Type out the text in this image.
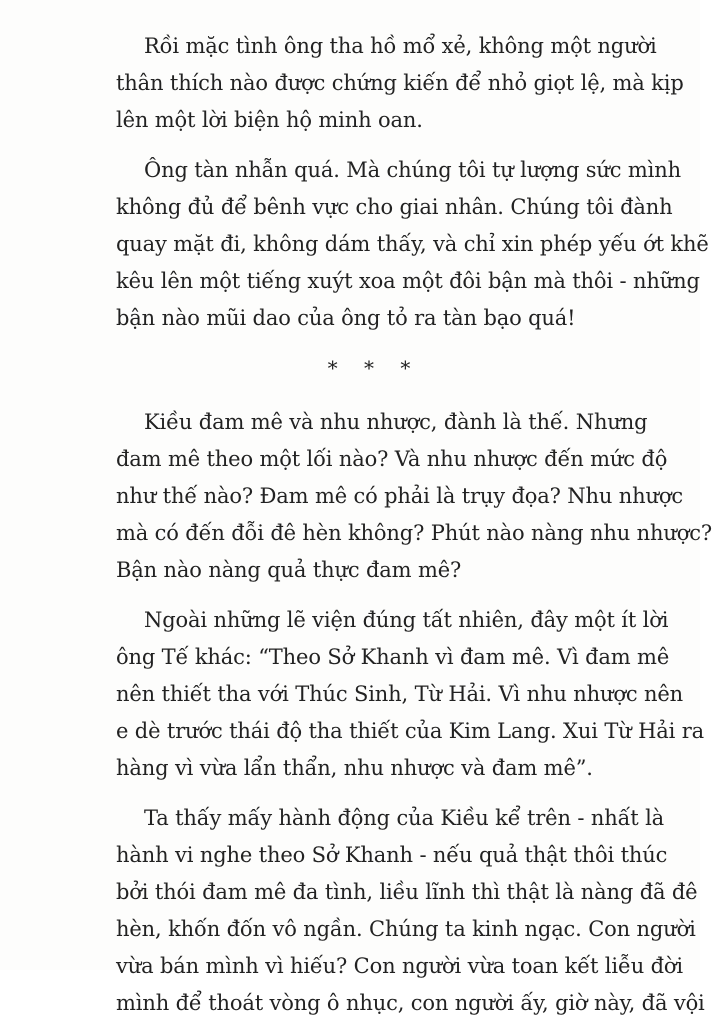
Rồi mặc tình ông tha hồ mổ xẻ, không một người
thân thích nào được chứng kiến để nhỏ giọt lệ, mà kịp
lên một lời biện hộ minh oan.

Ông tàn nhẫn quá. Mà chúng tôi tự lượng sức mình
không đủ để bênh vực cho giai nhân. Chúng tôi đành
quay mặt đi, không dám thấy, và chỉ xin phép yếu ớt khẽ
kêu lên một tiếng xuýt xoa một đôi bận mà thôi - những
bận nào mũi dao của ông tỏ ra tàn bạo quá!

* * *

Kiều đam mê và nhu nhược, đành là thế. Nhưng
đam mê theo một lối nào? Và nhu nhược đến mức độ
như thế nào? Đam mê có phải là trụy đọa? Nhu nhược
mà có đến đỗi đê hèn không? Phút nào nàng nhu nhược?
Bận nào nàng quả thực đam mê?

Ngoài những lẽ viện đúng tất nhiên, đây một ít lời
ông Tế khác: “Theo Sở Khanh vì đam mê. Vì đam mê
nên thiết tha với Thúc Sinh, Từ Hải. Vì nhu nhược nên
e dè trước thái độ tha thiết của Kim Lang. Xui Từ Hải ra
hàng vì vừa lẩn thẩn, nhu nhược và đam mê”.

Ta thấy mấy hành động của Kiều kể trên - nhất là
hành vi nghe theo Sở Khanh - nếu quả thật thôi thúc
bởi thói đam mê đa tình, liều lĩnh thì thật là nàng đã đê
hèn, khốn đốn vô ngần. Chúng ta kinh ngạc. Con người
vừa bán mình vì hiếu? Con người vừa toan kết liễu đời
mình để thoát vòng ô nhục, con người ấy, giờ này, đã vội
